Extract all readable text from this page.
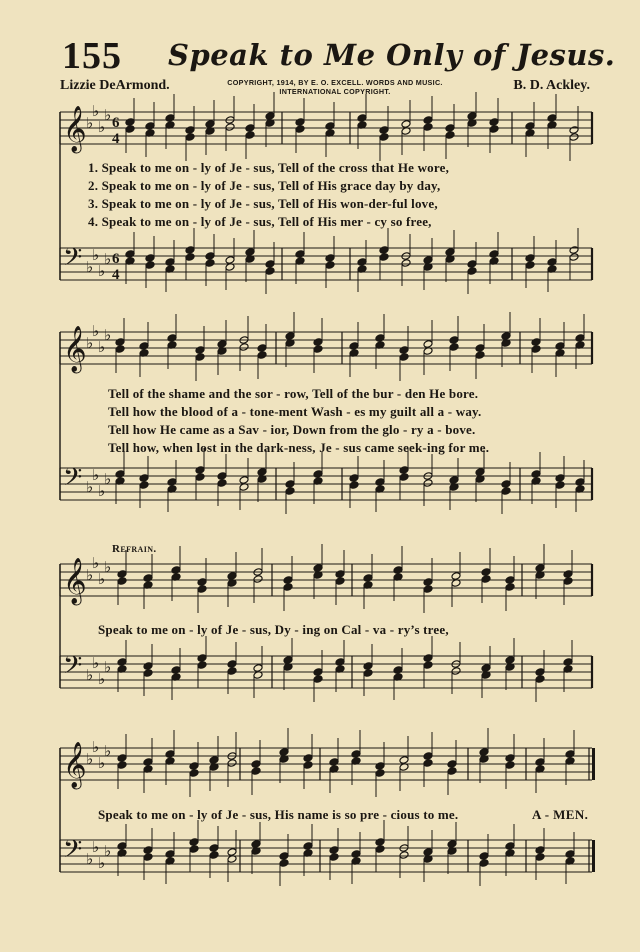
155 Speak to Me Only of Jesus.
Lizzie DeArmond.	COPYRIGHT, 1914, BY E. O. EXCELL. WORDS AND MUSIC.
INTERNATIONAL COPYRIGHT.	B. D. Ackley.
𝄞 ♭
♭
♭
♭ 6
4
𝄢 ♭
♭
♭
♭ 6
4
1. Speak to me on - ly of Je - sus, Tell of the cross that He wore,
2. Speak to me on - ly of Je - sus, Tell of His grace day by day,
3. Speak to me on - ly of Je - sus, Tell of His won-der-ful love,
4. Speak to me on - ly of Je - sus, Tell of His mer - cy so free,
𝄞 ♭
♭
♭
♭
𝄢 ♭
♭
♭
♭
Tell of the shame and the sor - row, Tell of the bur - den He bore.
Tell how the blood of a - tone-ment Wash - es my guilt all a - way.
Tell how He came as a Sav - ior, Down from the glo - ry a - bove.
Tell how, when lost in the dark-ness, Je - sus came seek-ing for me.
Refrain.
𝄞 ♭
♭
♭
♭
𝄢 ♭
♭
♭
♭
Speak to me on - ly of Je - sus, Dy - ing on Cal - va - ry’s tree,
𝄞 ♭
♭
♭
♭
𝄢 ♭
♭
♭
♭
Speak to me on - ly of Je - sus, His name is so pre - cious to me.	A - MEN.
